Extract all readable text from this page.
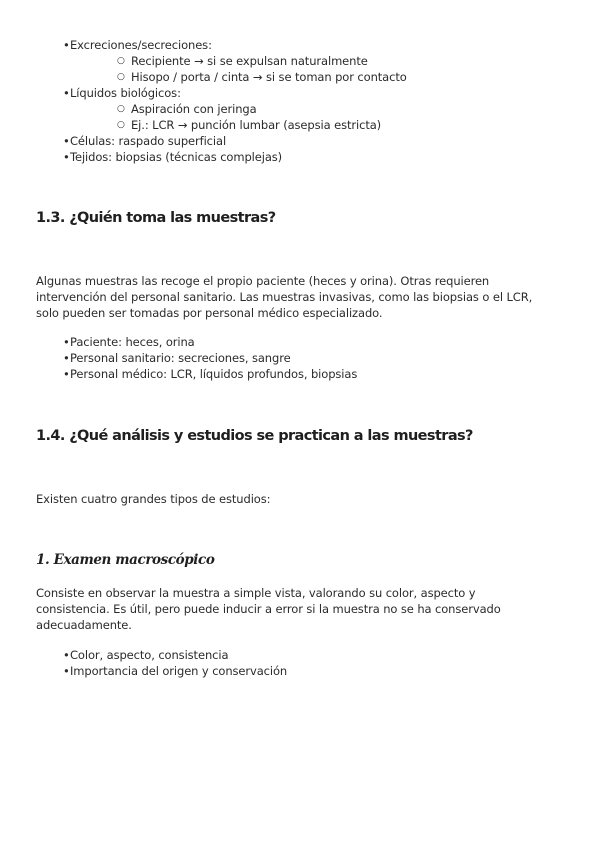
• Excreciones/secreciones:
○ Recipiente → si se expulsan naturalmente
○ Hisopo / porta / cinta → si se toman por contacto
• Líquidos biológicos:
○ Aspiración con jeringa
○ Ej.: LCR → punción lumbar (asepsia estricta)
• Células: raspado superficial
• Tejidos: biopsias (técnicas complejas)
1.3. ¿Quién toma las muestras?
Algunas muestras las recoge el propio paciente (heces y orina). Otras requieren
intervención del personal sanitario. Las muestras invasivas, como las biopsias o el LCR,
solo pueden ser tomadas por personal médico especializado.
• Paciente: heces, orina
• Personal sanitario: secreciones, sangre
• Personal médico: LCR, líquidos profundos, biopsias
1.4. ¿Qué análisis y estudios se practican a las muestras?
Existen cuatro grandes tipos de estudios:
1. Examen macroscópico
Consiste en observar la muestra a simple vista, valorando su color, aspecto y
consistencia. Es útil, pero puede inducir a error si la muestra no se ha conservado
adecuadamente.
• Color, aspecto, consistencia
• Importancia del origen y conservación
